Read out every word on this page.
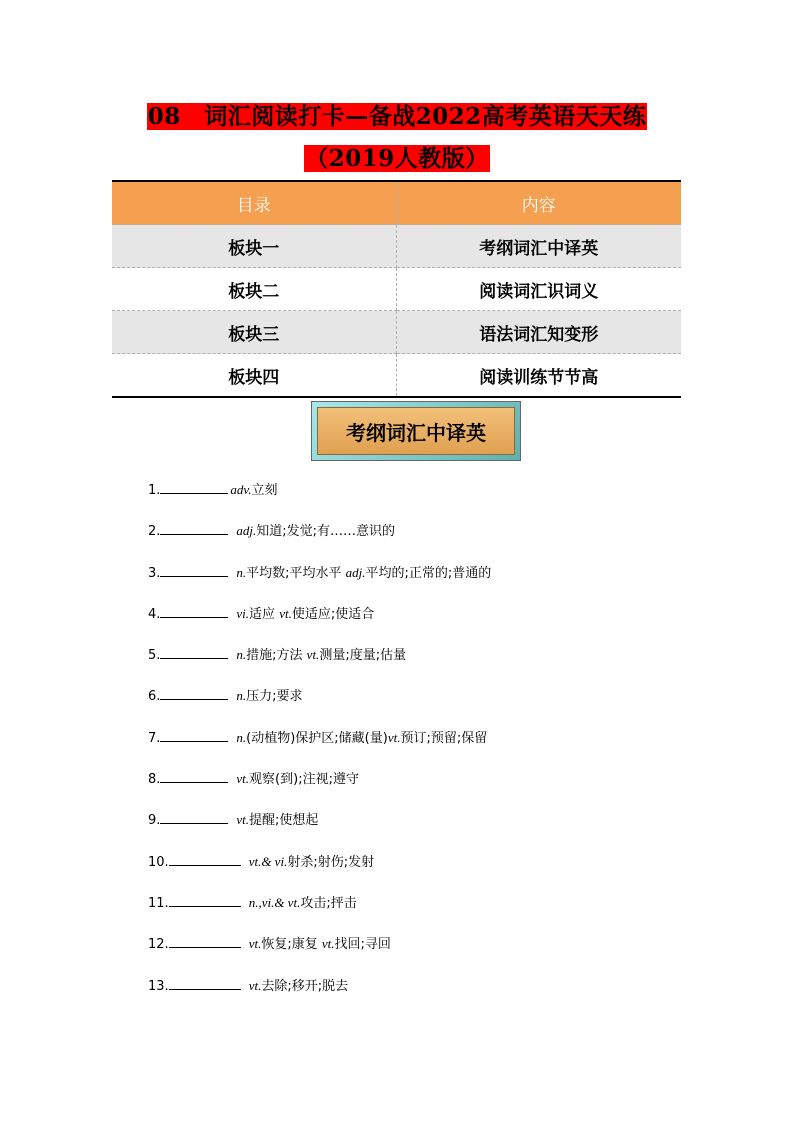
08　词汇阅读打卡—备战2022高考英语天天练
（2019人教版）
目录	内容
板块一	考纲词汇中译英
板块二	阅读词汇识词义
板块三	语法词汇知变形
板块四	阅读训练节节高
考纲词汇中译英
1.	adv.立刻
2.	adj.知道;发觉;有……意识的
3.	n.平均数;平均水平 adj.平均的;正常的;普通的
4.	vi.适应 vt.使适应;使适合
5.	n.措施;方法 vt.测量;度量;估量
6.	n.压力;要求
7.	n.(动植物)保护区;储藏(量)vt.预订;预留;保留
8.	vt.观察(到);注视;遵守
9.	vt.提醒;使想起
10.	vt.& vi.射杀;射伤;发射
11.	n.,vi.& vt.攻击;抨击
12.	vt.恢复;康复 vt.找回;寻回
13.	vt.去除;移开;脱去
